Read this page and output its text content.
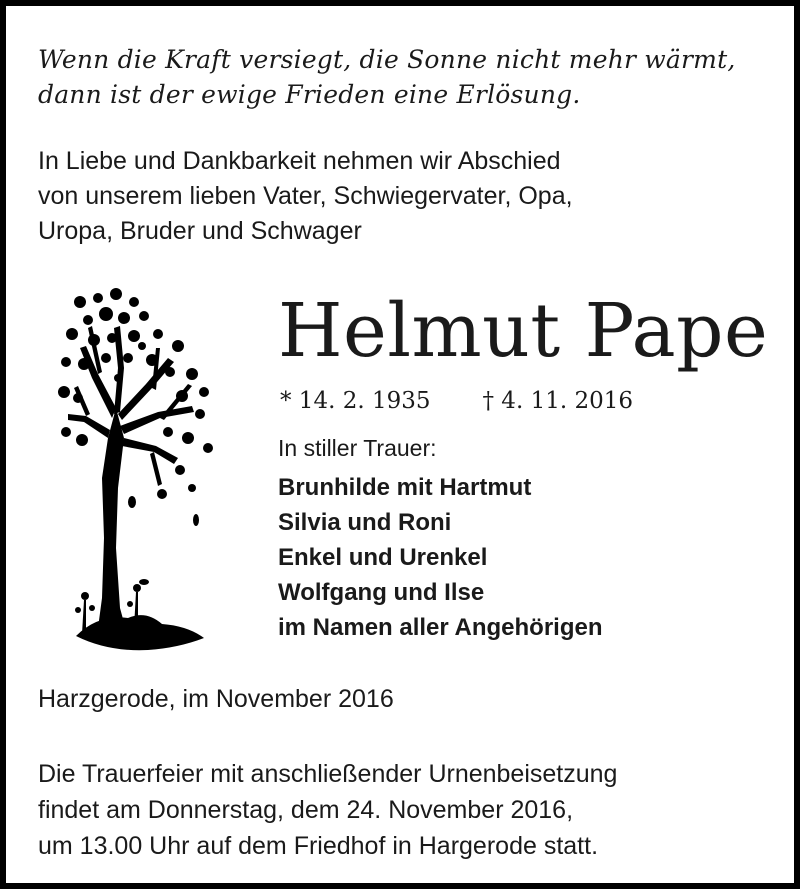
Wenn die Kraft versiegt, die Sonne nicht mehr wärmt,
dann ist der ewige Frieden eine Erlösung.
In Liebe und Dankbarkeit nehmen wir Abschied
von unserem lieben Vater, Schwiegervater, Opa,
Uropa, Bruder und Schwager
Helmut Pape
* 14. 2. 1935 † 4. 11. 2016
In stiller Trauer:
Brunhilde mit Hartmut
Silvia und Roni
Enkel und Urenkel
Wolfgang und Ilse
im Namen aller Angehörigen
Harzgerode, im November 2016
Die Trauerfeier mit anschließender Urnenbeisetzung
findet am Donnerstag, dem 24. November 2016,
um 13.00 Uhr auf dem Friedhof in Hargerode statt.
